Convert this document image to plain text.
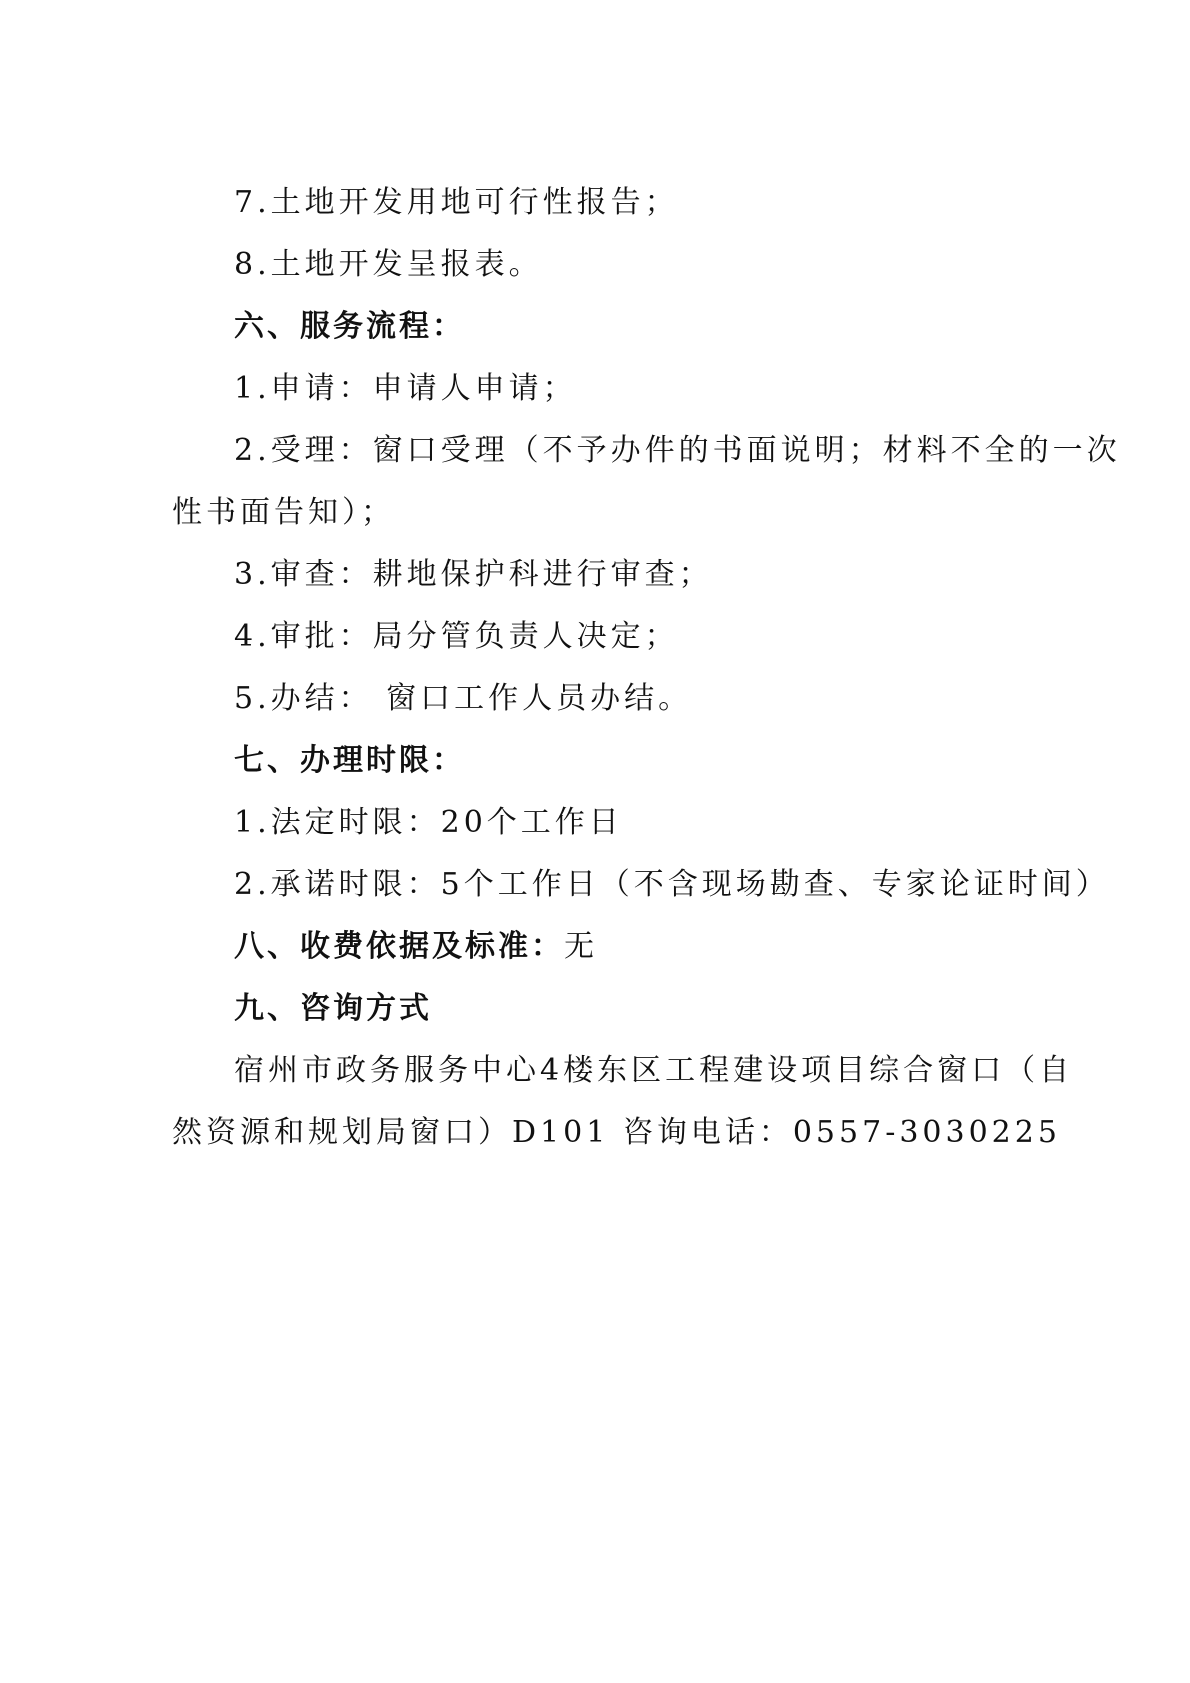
7.土地开发用地可行性报告；

8.土地开发呈报表。

六、服务流程：

1.申请：申请人申请；

2.受理：窗口受理（不予办件的书面说明；材料不全的一次

性书面告知）；

3.审查：耕地保护科进行审查；

4.审批：局分管负责人决定；

5.办结： 窗口工作人员办结。

七、办理时限：

1.法定时限：20个工作日

2.承诺时限：5个工作日（不含现场勘查、专家论证时间）

八、收费依据及标准：无

九、咨询方式

宿州市政务服务中心4楼东区工程建设项目综合窗口（自

然资源和规划局窗口）D101 咨询电话：0557-3030225
